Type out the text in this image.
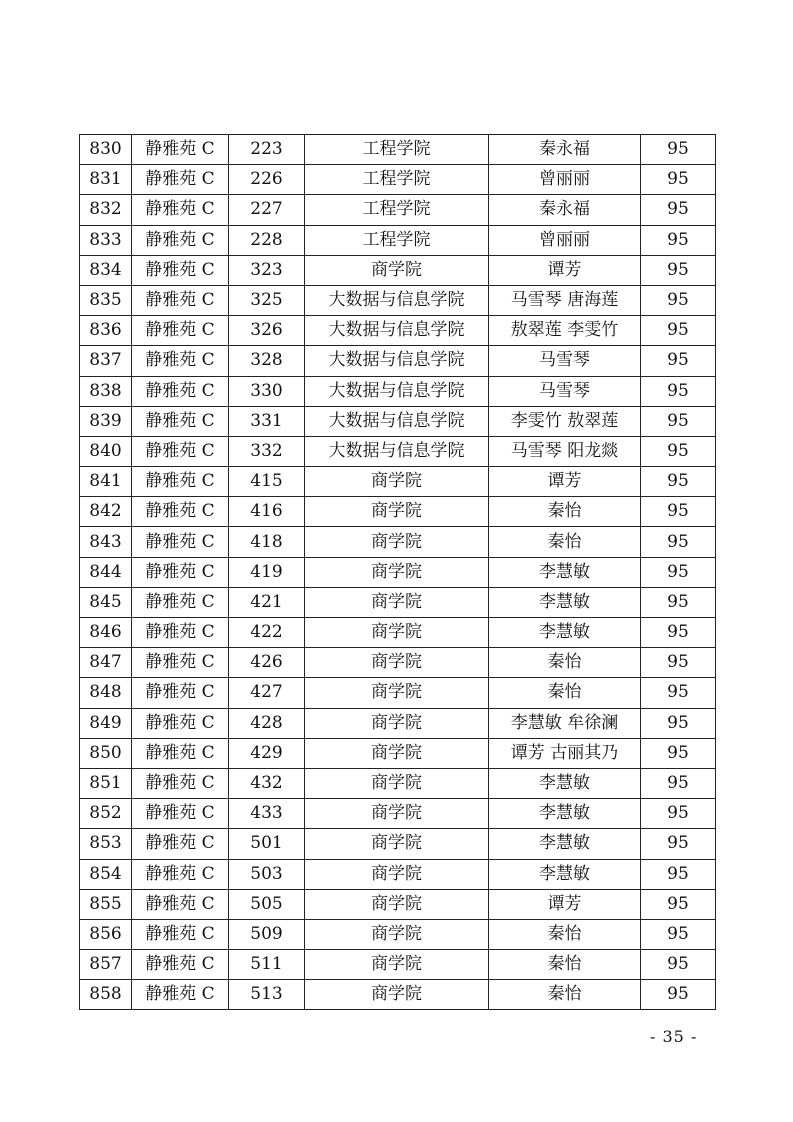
830	静雅苑 C	223	工程学院	秦永福	95
831	静雅苑 C	226	工程学院	曾丽丽	95
832	静雅苑 C	227	工程学院	秦永福	95
833	静雅苑 C	228	工程学院	曾丽丽	95
834	静雅苑 C	323	商学院	谭芳	95
835	静雅苑 C	325	大数据与信息学院	马雪琴 唐海莲	95
836	静雅苑 C	326	大数据与信息学院	敖翠莲 李雯竹	95
837	静雅苑 C	328	大数据与信息学院	马雪琴	95
838	静雅苑 C	330	大数据与信息学院	马雪琴	95
839	静雅苑 C	331	大数据与信息学院	李雯竹 敖翠莲	95
840	静雅苑 C	332	大数据与信息学院	马雪琴 阳龙燚	95
841	静雅苑 C	415	商学院	谭芳	95
842	静雅苑 C	416	商学院	秦怡	95
843	静雅苑 C	418	商学院	秦怡	95
844	静雅苑 C	419	商学院	李慧敏	95
845	静雅苑 C	421	商学院	李慧敏	95
846	静雅苑 C	422	商学院	李慧敏	95
847	静雅苑 C	426	商学院	秦怡	95
848	静雅苑 C	427	商学院	秦怡	95
849	静雅苑 C	428	商学院	李慧敏 牟徐澜	95
850	静雅苑 C	429	商学院	谭芳 古丽其乃	95
851	静雅苑 C	432	商学院	李慧敏	95
852	静雅苑 C	433	商学院	李慧敏	95
853	静雅苑 C	501	商学院	李慧敏	95
854	静雅苑 C	503	商学院	李慧敏	95
855	静雅苑 C	505	商学院	谭芳	95
856	静雅苑 C	509	商学院	秦怡	95
857	静雅苑 C	511	商学院	秦怡	95
858	静雅苑 C	513	商学院	秦怡	95
- 35 -
